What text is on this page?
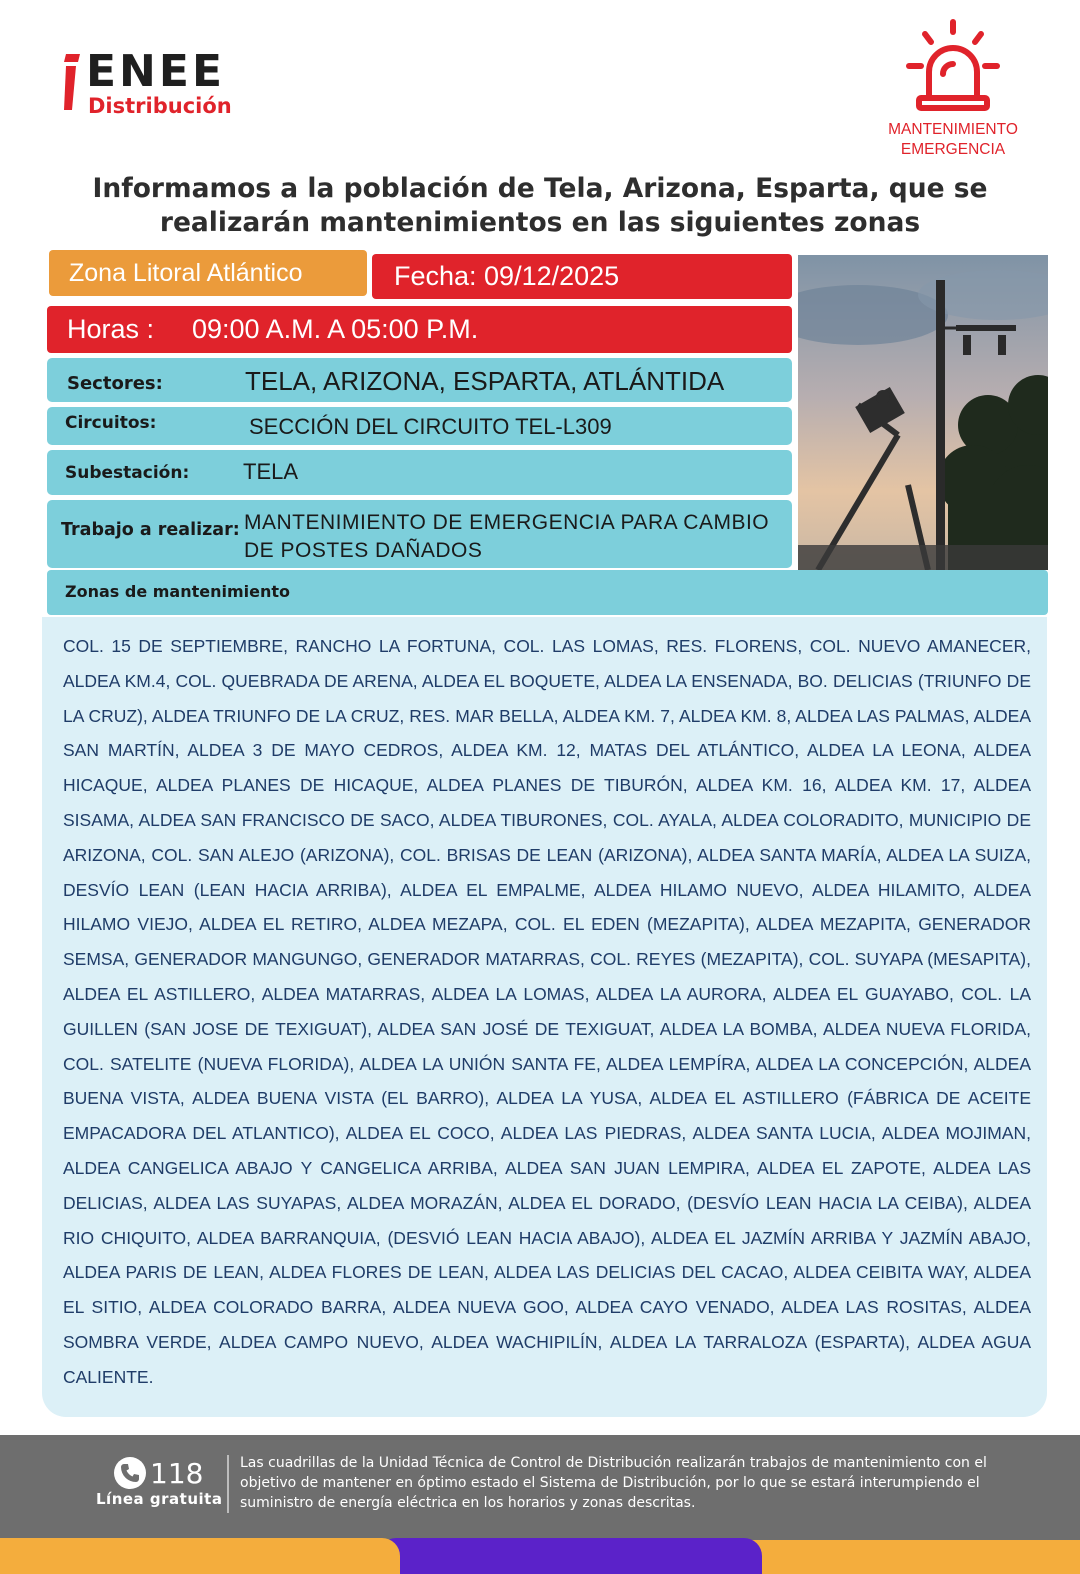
ENEE
Distribución
MANTENIMIENTO
EMERGENCIA
Informamos a la población de Tela, Arizona, Esparta, que se
realizarán mantenimientos en las siguientes zonas
Zona Litoral Atlántico	Fecha: 09/12/2025
Horas :	09:00 A.M. A 05:00 P.M.
Sectores:	TELA, ARIZONA, ESPARTA, ATLÁNTIDA
Circuitos:	SECCIÓN DEL CIRCUITO TEL-L309
Subestación: TELA
Trabajo a realizar: MANTENIMIENTO DE EMERGENCIA PARA CAMBIO DE POSTES DAÑADOS
Zonas de mantenimiento
COL. 15 DE SEPTIEMBRE, RANCHO LA FORTUNA, COL. LAS LOMAS, RES. FLORENS, COL. NUEVO AMANECER, ALDEA KM.4, COL. QUEBRADA DE ARENA, ALDEA EL BOQUETE, ALDEA LA ENSENADA, BO. DELICIAS (TRIUNFO DE LA CRUZ), ALDEA TRIUNFO DE LA CRUZ, RES. MAR BELLA, ALDEA KM. 7, ALDEA KM. 8, ALDEA LAS PALMAS, ALDEA SAN MARTÍN, ALDEA 3 DE MAYO CEDROS, ALDEA KM. 12, MATAS DEL ATLÁNTICO, ALDEA LA LEONA, ALDEA HICAQUE, ALDEA PLANES DE HICAQUE, ALDEA PLANES DE TIBURÓN, ALDEA KM. 16, ALDEA KM. 17, ALDEA SISAMA, ALDEA SAN FRANCISCO DE SACO, ALDEA TIBURONES, COL. AYALA, ALDEA COLORADITO, MUNICIPIO DE ARIZONA, COL. SAN ALEJO (ARIZONA), COL. BRISAS DE LEAN (ARIZONA), ALDEA SANTA MARÍA, ALDEA LA SUIZA, DESVÍO LEAN (LEAN HACIA ARRIBA), ALDEA EL EMPALME, ALDEA HILAMO NUEVO, ALDEA HILAMITO, ALDEA HILAMO VIEJO, ALDEA EL RETIRO, ALDEA MEZAPA, COL. EL EDEN (MEZAPITA), ALDEA MEZAPITA, GENERADOR SEMSA, GENERADOR MANGUNGO, GENERADOR MATARRAS, COL. REYES (MEZAPITA), COL. SUYAPA (MESAPITA), ALDEA EL ASTILLERO, ALDEA MATARRAS, ALDEA LA LOMAS, ALDEA LA AURORA, ALDEA EL GUAYABO, COL. LA GUILLEN (SAN JOSE DE TEXIGUAT), ALDEA SAN JOSÉ DE TEXIGUAT, ALDEA LA BOMBA, ALDEA NUEVA FLORIDA, COL. SATELITE (NUEVA FLORIDA), ALDEA LA UNIÓN SANTA FE, ALDEA LEMPÍRA, ALDEA LA CONCEPCIÓN, ALDEA BUENA VISTA, ALDEA BUENA VISTA (EL BARRO), ALDEA LA YUSA, ALDEA EL ASTILLERO (FÁBRICA DE ACEITE EMPACADORA DEL ATLANTICO), ALDEA EL COCO, ALDEA LAS PIEDRAS, ALDEA SANTA LUCIA, ALDEA MOJIMAN, ALDEA CANGELICA ABAJO Y CANGELICA ARRIBA, ALDEA SAN JUAN LEMPIRA, ALDEA EL ZAPOTE, ALDEA LAS DELICIAS, ALDEA LAS SUYAPAS, ALDEA MORAZÁN, ALDEA EL DORADO, (DESVÍO LEAN HACIA LA CEIBA), ALDEA RIO CHIQUITO, ALDEA BARRANQUIA, (DESVIÓ LEAN HACIA ABAJO), ALDEA EL JAZMÍN ARRIBA Y JAZMÍN ABAJO, ALDEA PARIS DE LEAN, ALDEA FLORES DE LEAN, ALDEA LAS DELICIAS DEL CACAO, ALDEA CEIBITA WAY, ALDEA EL SITIO, ALDEA COLORADO BARRA, ALDEA NUEVA GOO, ALDEA CAYO VENADO, ALDEA LAS ROSITAS, ALDEA SOMBRA VERDE, ALDEA CAMPO NUEVO, ALDEA WACHIPILÍN, ALDEA LA TARRALOZA (ESPARTA), ALDEA AGUA CALIENTE.
118
Línea gratuita
Las cuadrillas de la Unidad Técnica de Control de Distribución realizarán trabajos de mantenimiento con el objetivo de mantener en óptimo estado el Sistema de Distribución, por lo que se estará interumpiendo el suministro de energía eléctrica en los horarios y zonas descritas.
